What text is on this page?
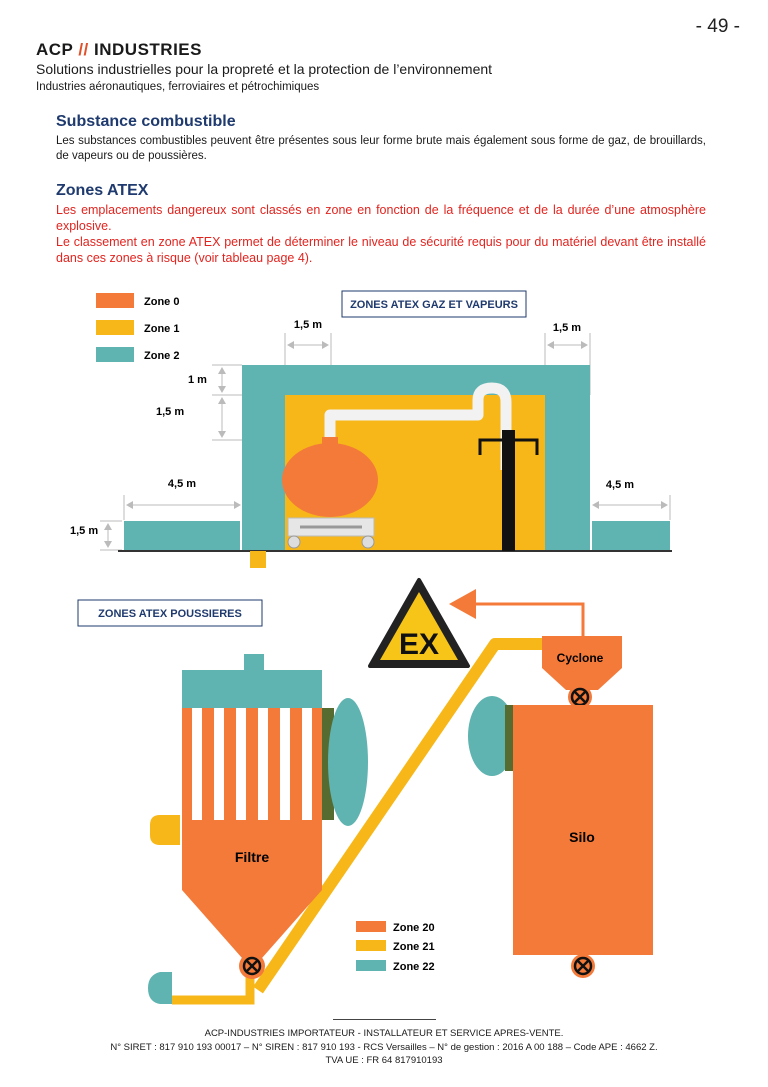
- 49 -
ACP // INDUSTRIES
Solutions industrielles pour la propreté et la protection de l’environnement
Industries aéronautiques, ferroviaires et pétrochimiques
Substance combustible
Les substances combustibles peuvent être présentes sous leur forme brute mais également sous forme de gaz, de brouillards, de vapeurs ou de poussières.
Zones ATEX

Les emplacements dangereux sont classés en zone en fonction de la fréquence et de la durée d’une atmosphère explosive.

Le classement en zone ATEX permet de déterminer le niveau de sécurité requis pour du matériel devant être installé dans ces zones à risque (voir tableau page 4).

Zone 0
Zone 1
Zone 2
ZONES ATEX GAZ ET VAPEURS
1,5 m	1,5 m
1 m
1,5 m
4,5 m	4,5 m
1,5 m
ZONES ATEX POUSSIERES
EX
Filtre
Cyclone
Silo
Zone 20
Zone 21
Zone 22
ACP-INDUSTRIES IMPORTATEUR - INSTALLATEUR ET SERVICE APRES-VENTE.
N° SIRET : 817 910 193 00017 – N° SIREN : 817 910 193 - RCS Versailles – N° de gestion : 2016 A 00 188 – Code APE : 4662 Z.
TVA UE : FR 64 817910193
